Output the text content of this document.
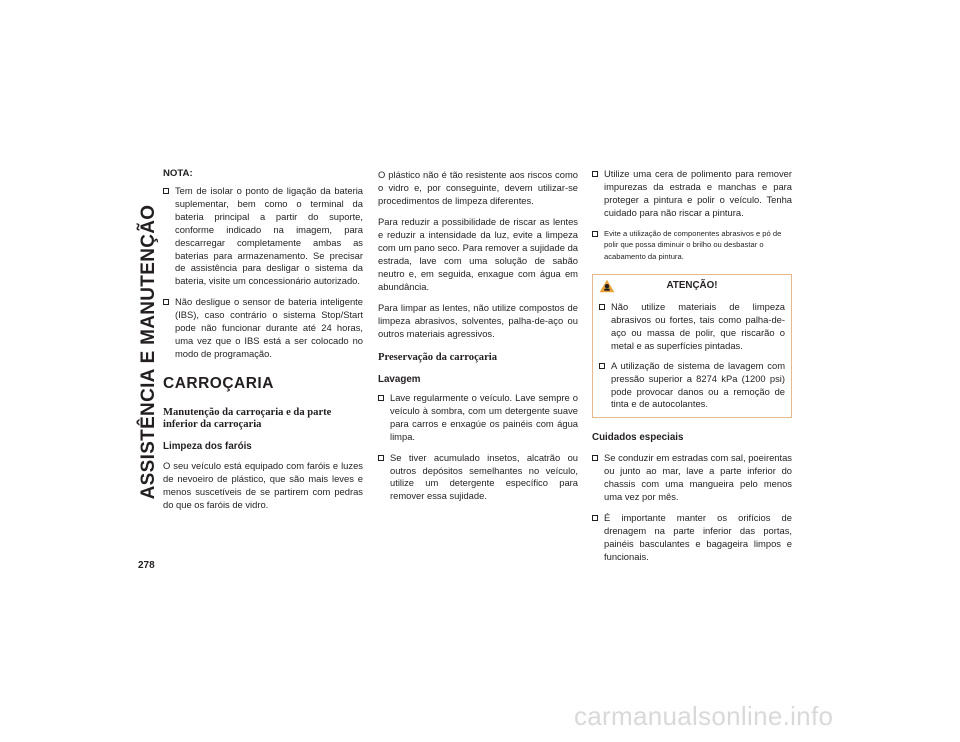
ASSISTÊNCIA E MANUTENÇÃO
278
NOTA:
Tem de isolar o ponto de ligação da bateria suplementar, bem como o terminal da bateria principal a partir do suporte, conforme indicado na imagem, para descarregar completamente ambas as baterias para armazenamento. Se precisar de assistência para desligar o sistema da bateria, visite um concessionário autorizado.
Não desligue o sensor de bateria inteligente (IBS), caso contrário o sistema Stop/Start pode não funcionar durante até 24 horas, uma vez que o IBS está a ser colocado no modo de programação.
CARROÇARIA
Manutenção da carroçaria e da parte inferior da carroçaria
Limpeza dos faróis

O seu veículo está equipado com faróis e luzes de nevoeiro de plástico, que são mais leves e menos suscetíveis de se partirem com pedras do que os faróis de vidro.

O plástico não é tão resistente aos riscos como o vidro e, por conseguinte, devem utilizar-se procedimentos de limpeza diferentes.

Para reduzir a possibilidade de riscar as lentes e reduzir a intensidade da luz, evite a limpeza com um pano seco. Para remover a sujidade da estrada, lave com uma solução de sabão neutro e, em seguida, enxague com água em abundância.

Para limpar as lentes, não utilize compostos de limpeza abrasivos, solventes, palha-de-aço ou outros materiais agressivos.

Preservação da carroçaria
Lavagem
Lave regularmente o veículo. Lave sempre o veículo à sombra, com um detergente suave para carros e enxagúe os painéis com água limpa.
Se tiver acumulado insetos, alcatrão ou outros depósitos semelhantes no veículo, utilize um detergente específico para remover essa sujidade.
Utilize uma cera de polimento para remover impurezas da estrada e manchas e para proteger a pintura e polir o veículo. Tenha cuidado para não riscar a pintura.
Evite a utilização de componentes abrasivos e pó de polir que possa diminuir o brilho ou desbastar o acabamento da pintura.
ATENÇÃO!
Não utilize materiais de limpeza abrasivos ou fortes, tais como palha-de-aço ou massa de polir, que riscarão o metal e as superfícies pintadas.
A utilização de sistema de lavagem com pressão superior a 8274 kPa (1200 psi) pode provocar danos ou a remoção de tinta e de autocolantes.
Cuidados especiais
Se conduzir em estradas com sal, poeirentas ou junto ao mar, lave a parte inferior do chassis com uma mangueira pelo menos uma vez por mês.
É importante manter os orifícios de drenagem na parte inferior das portas, painéis basculantes e bagageira limpos e funcionais.
carmanualsonline.info
